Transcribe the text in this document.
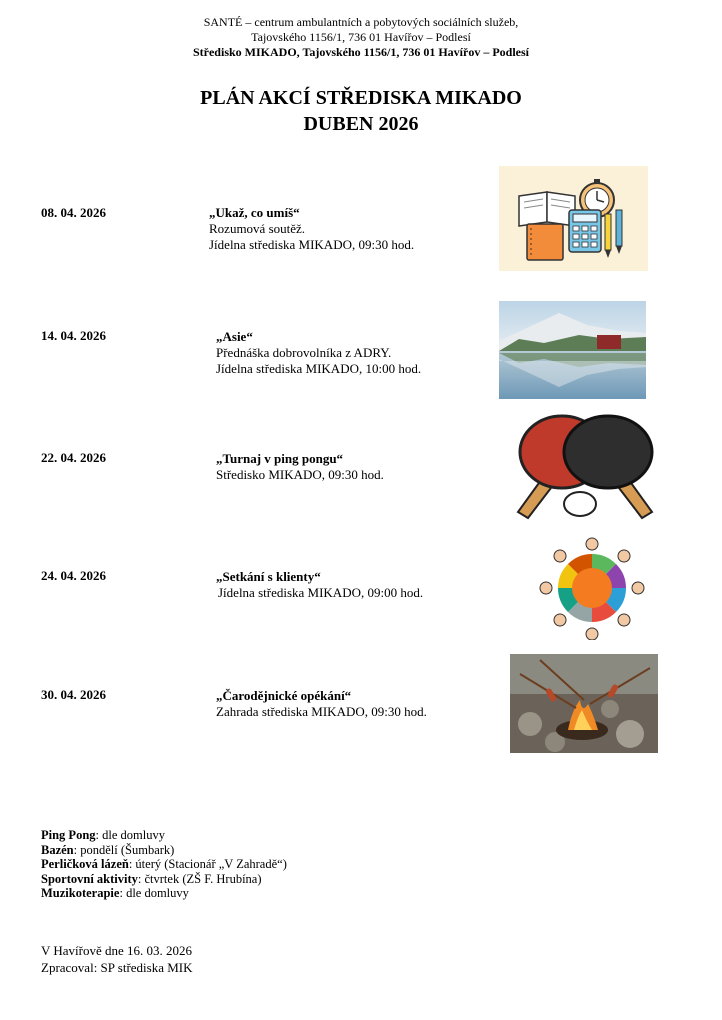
SANTÉ – centrum ambulantních a pobytových sociálních služeb,
Tajovského 1156/1, 736 01 Havířov – Podlesí
Středisko MIKADO, Tajovského 1156/1, 736 01 Havířov – Podlesí
PLÁN AKCÍ STŘEDISKA MIKADO
DUBEN 2026
08. 04. 2026	„Ukaž, co umíš“
Rozumová soutěž.
Jídelna střediska MIKADO, 09:30 hod.
14. 04. 2026	„Asie“
Přednáška dobrovolníka z ADRY.
Jídelna střediska MIKADO, 10:00 hod.
22. 04. 2026	„Turnaj v ping pongu“
Středisko MIKADO, 09:30 hod.
24. 04. 2026	„Setkání s klienty“
Jídelna střediska MIKADO, 09:00 hod.
30. 04. 2026	„Čarodějnické opékání“
Zahrada střediska MIKADO, 09:30 hod.
Ping Pong: dle domluvy
Bazén: pondělí (Šumbark)
Perličková lázeň: úterý (Stacionář „V Zahradě“)
Sportovní aktivity: čtvrtek (ZŠ F. Hrubína)
Muzikoterapie: dle domluvy
V Havířově dne 16. 03. 2026
Zpracoval: SP střediska MIK
